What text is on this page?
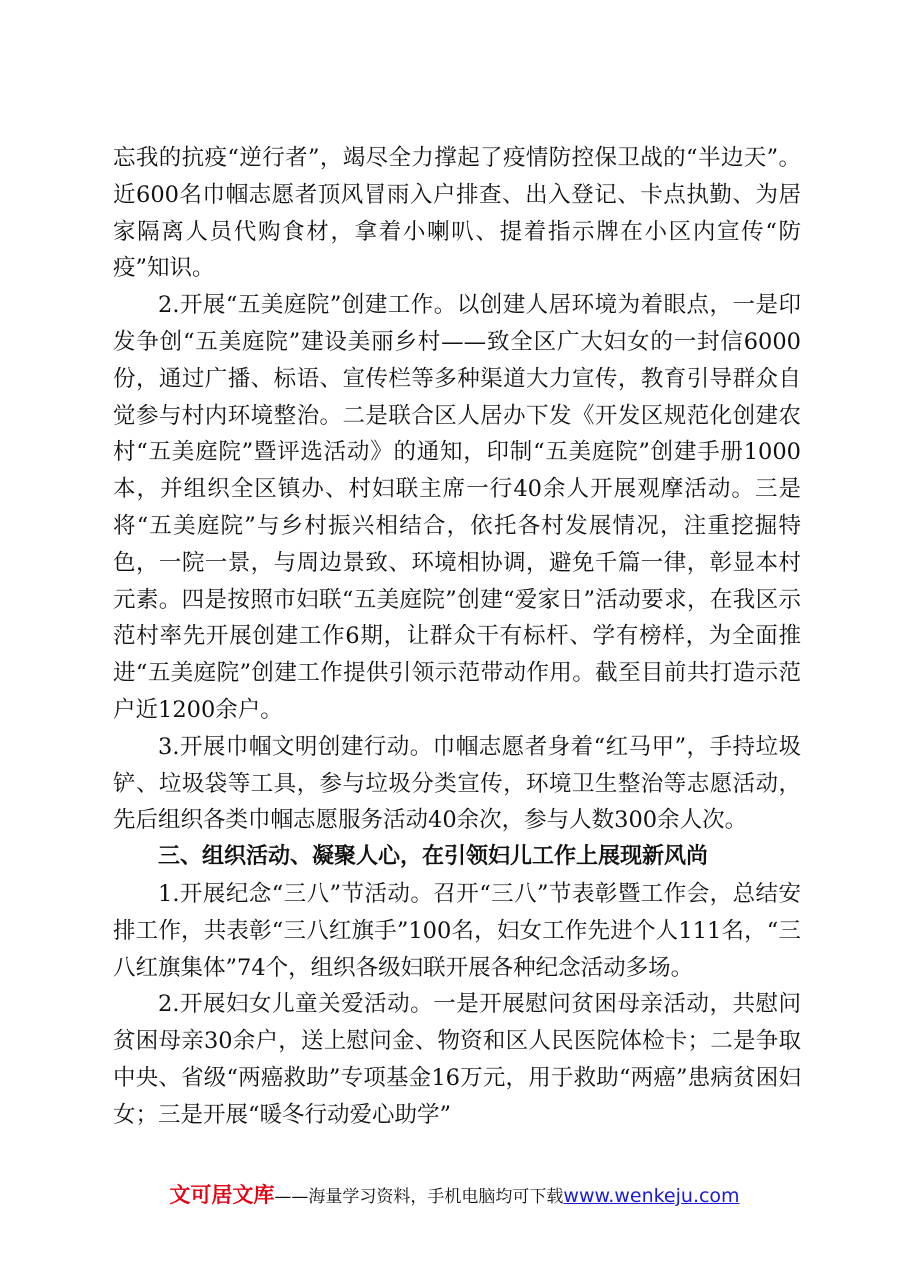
忘我的抗疫“逆行者”，竭尽全力撑起了疫情防控保卫战的“半边天”。近600名巾帼志愿者顶风冒雨入户排查、出入登记、卡点执勤、为居家隔离人员代购食材，拿着小喇叭、提着指示牌在小区内宣传“防疫”知识。

2.开展“五美庭院”创建工作。以创建人居环境为着眼点，一是印发争创“五美庭院”建设美丽乡村——致全区广大妇女的一封信6000份，通过广播、标语、宣传栏等多种渠道大力宣传，教育引导群众自觉参与村内环境整治。二是联合区人居办下发《开发区规范化创建农村“五美庭院”暨评选活动》的通知，印制“五美庭院”创建手册1000本，并组织全区镇办、村妇联主席一行40余人开展观摩活动。三是将“五美庭院”与乡村振兴相结合，依托各村发展情况，注重挖掘特色，一院一景，与周边景致、环境相协调，避免千篇一律，彰显本村元素。四是按照市妇联“五美庭院”创建“爱家日”活动要求，在我区示范村率先开展创建工作6期，让群众干有标杆、学有榜样，为全面推进“五美庭院”创建工作提供引领示范带动作用。截至目前共打造示范户近1200余户。

3.开展巾帼文明创建行动。巾帼志愿者身着“红马甲”，手持垃圾铲、垃圾袋等工具，参与垃圾分类宣传，环境卫生整治等志愿活动，先后组织各类巾帼志愿服务活动40余次，参与人数300余人次。

三、组织活动、凝聚人心，在引领妇儿工作上展现新风尚

1.开展纪念“三八”节活动。召开“三八”节表彰暨工作会，总结安排工作，共表彰“三八红旗手”100名，妇女工作先进个人111名，“三八红旗集体”74个，组织各级妇联开展各种纪念活动多场。

2.开展妇女儿童关爱活动。一是开展慰问贫困母亲活动，共慰问贫困母亲30余户，送上慰问金、物资和区人民医院体检卡；二是争取中央、省级“两癌救助”专项基金16万元，用于救助“两癌”患病贫困妇女；三是开展“暖冬行动爱心助学”

文可居文库——海量学习资料，手机电脑均可下载www.wenkeju.com
